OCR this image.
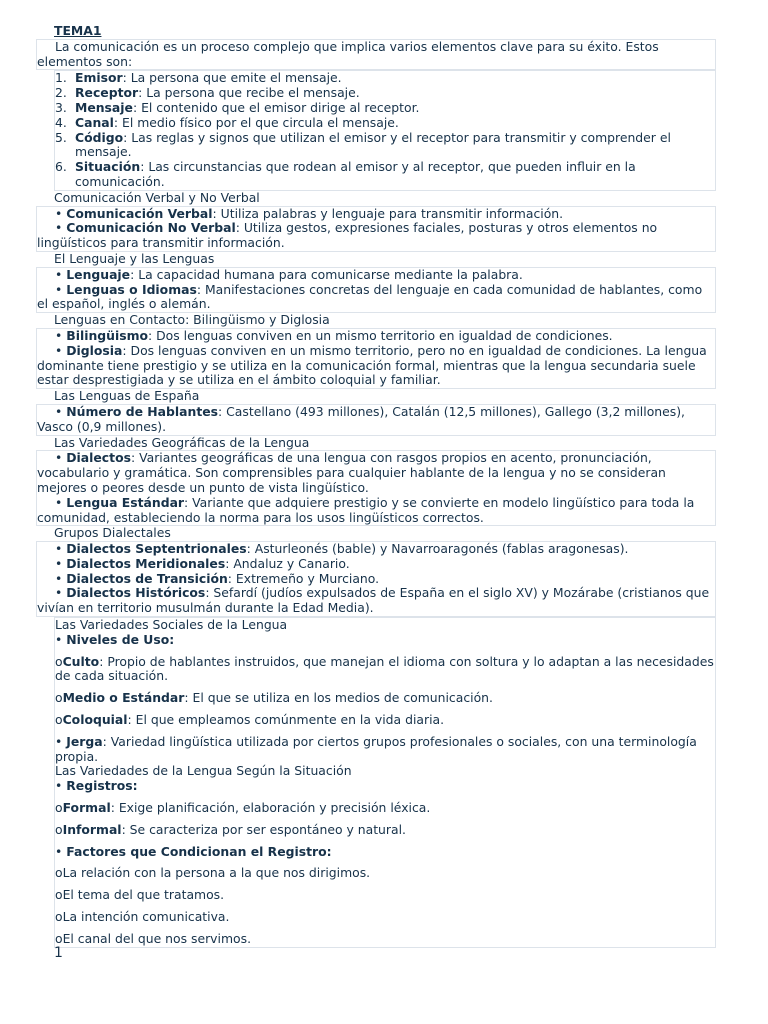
TEMA1

La comunicación es un proceso complejo que implica varios elementos clave para su éxito. Estos elementos son:

1. Emisor: La persona que emite el mensaje.
2. Receptor: La persona que recibe el mensaje.
3. Mensaje: El contenido que el emisor dirige al receptor.
4. Canal: El medio físico por el que circula el mensaje.
5. Código: Las reglas y signos que utilizan el emisor y el receptor para transmitir y comprender el mensaje.
6. Situación: Las circunstancias que rodean al emisor y al receptor, que pueden influir en la comunicación.

Comunicación Verbal y No Verbal

• Comunicación Verbal: Utiliza palabras y lenguaje para transmitir información.

• Comunicación No Verbal: Utiliza gestos, expresiones faciales, posturas y otros elementos no lingüísticos para transmitir información.

El Lenguaje y las Lenguas

• Lenguaje: La capacidad humana para comunicarse mediante la palabra.

• Lenguas o Idiomas: Manifestaciones concretas del lenguaje en cada comunidad de hablantes, como el español, inglés o alemán.

Lenguas en Contacto: Bilingüismo y Diglosia

• Bilingüismo: Dos lenguas conviven en un mismo territorio en igualdad de condiciones.

• Diglosia: Dos lenguas conviven en un mismo territorio, pero no en igualdad de condiciones. La lengua dominante tiene prestigio y se utiliza en la comunicación formal, mientras que la lengua secundaria suele estar desprestigiada y se utiliza en el ámbito coloquial y familiar.

Las Lenguas de España

• Número de Hablantes: Castellano (493 millones), Catalán (12,5 millones), Gallego (3,2 millones), Vasco (0,9 millones).

Las Variedades Geográficas de la Lengua

• Dialectos: Variantes geográficas de una lengua con rasgos propios en acento, pronunciación, vocabulario y gramática. Son comprensibles para cualquier hablante de la lengua y no se consideran mejores o peores desde un punto de vista lingüístico.

• Lengua Estándar: Variante que adquiere prestigio y se convierte en modelo lingüístico para toda la comunidad, estableciendo la norma para los usos lingüísticos correctos.

Grupos Dialectales

• Dialectos Septentrionales: Asturleonés (bable) y Navarroaragonés (fablas aragonesas).

• Dialectos Meridionales: Andaluz y Canario.

• Dialectos de Transición: Extremeño y Murciano.

• Dialectos Históricos: Sefardí (judíos expulsados de España en el siglo XV) y Mozárabe (cristianos que vivían en territorio musulmán durante la Edad Media).

Las Variedades Sociales de la Lengua

• Niveles de Uso:

oCulto: Propio de hablantes instruidos, que manejan el idioma con soltura y lo adaptan a las necesidades de cada situación.

oMedio o Estándar: El que se utiliza en los medios de comunicación.

oColoquial: El que empleamos comúnmente en la vida diaria.

• Jerga: Variedad lingüística utilizada por ciertos grupos profesionales o sociales, con una terminología propia.

Las Variedades de la Lengua Según la Situación

• Registros:

oFormal: Exige planificación, elaboración y precisión léxica.

oInformal: Se caracteriza por ser espontáneo y natural.

• Factores que Condicionan el Registro:

oLa relación con la persona a la que nos dirigimos.

oEl tema del que tratamos.

oLa intención comunicativa.

oEl canal del que nos servimos.

1
